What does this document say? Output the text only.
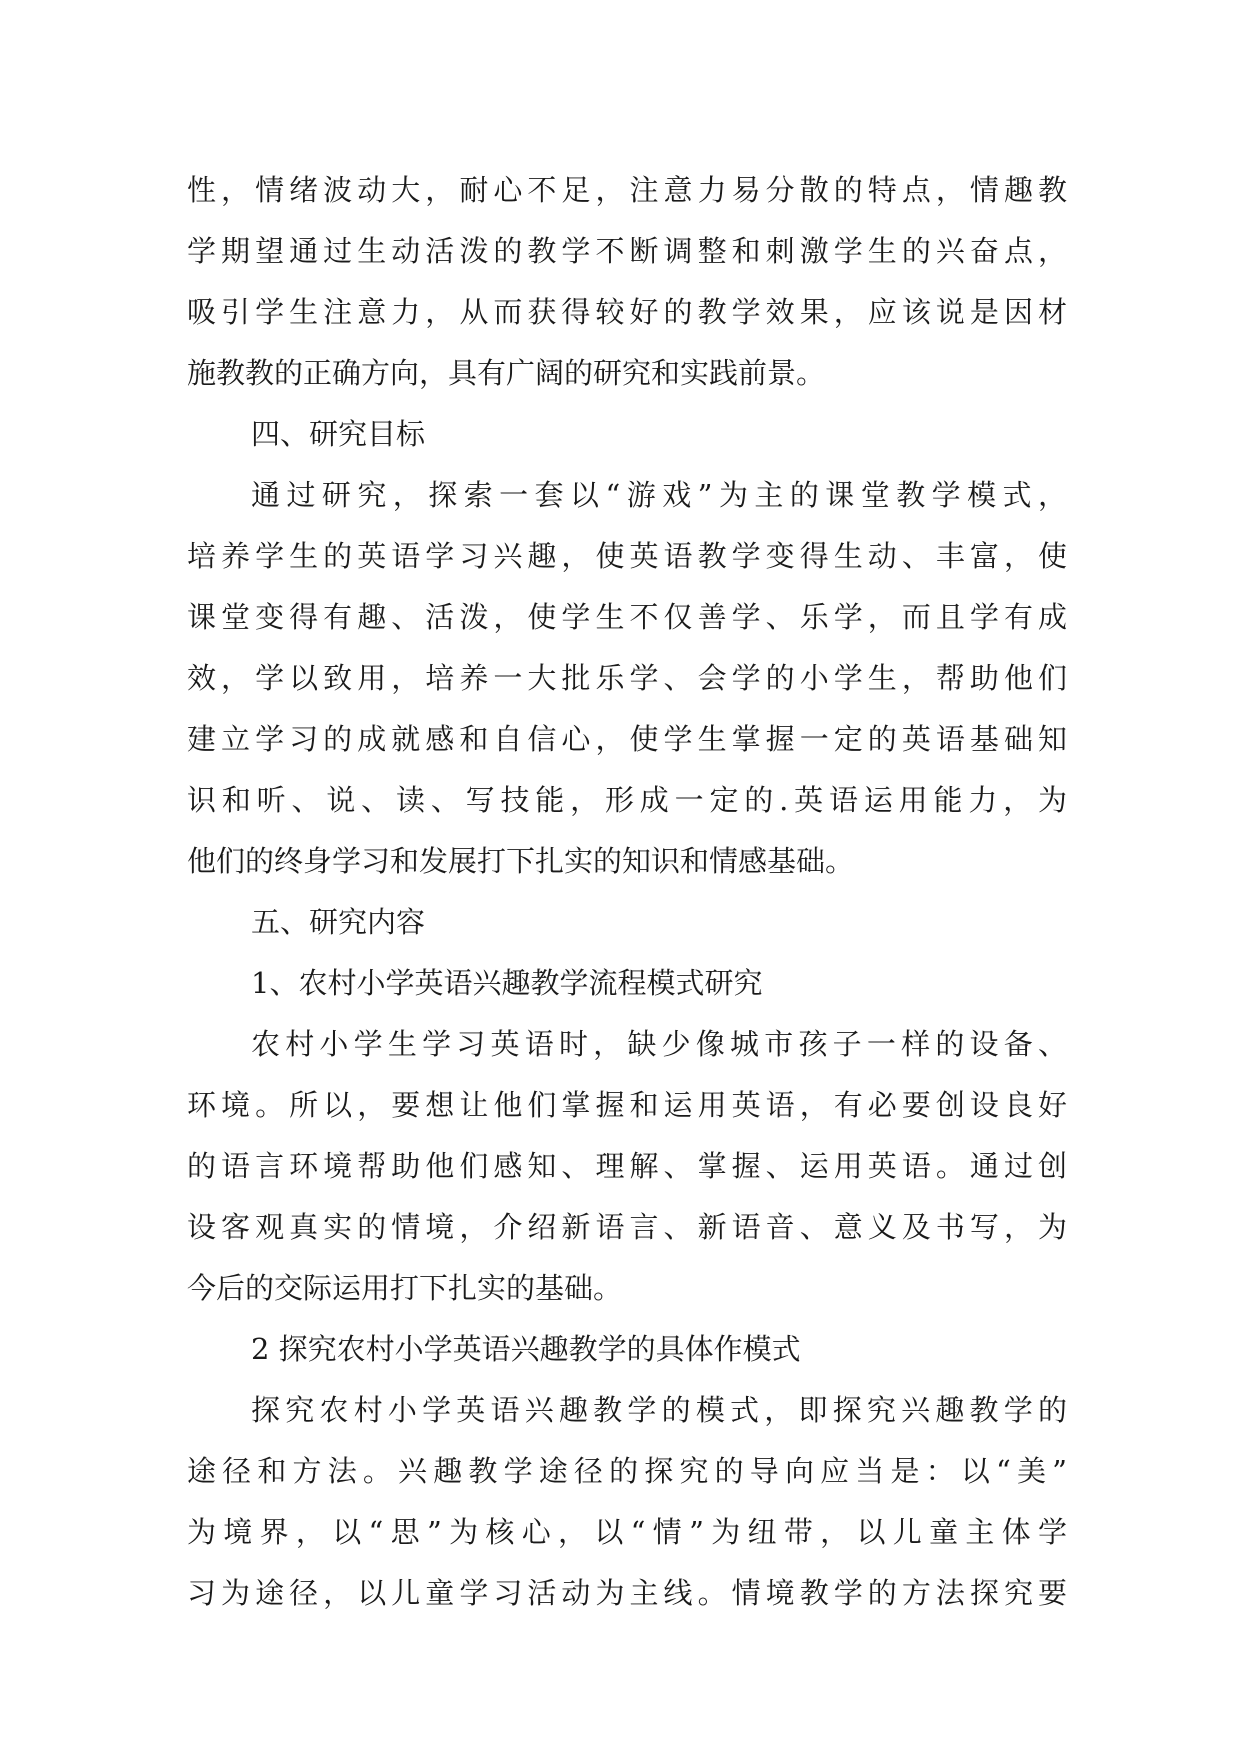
性，情绪波动大，耐心不足，注意力易分散的特点，情趣教
学期望通过生动活泼的教学不断调整和刺激学生的兴奋点，
吸引学生注意力，从而获得较好的教学效果，应该说是因材
施教教的正确方向，具有广阔的研究和实践前景。
四、研究目标
通过研究，探索一套以“游戏”为主的课堂教学模式，
培养学生的英语学习兴趣，使英语教学变得生动、丰富，使
课堂变得有趣、活泼，使学生不仅善学、乐学，而且学有成
效，学以致用，培养一大批乐学、会学的小学生，帮助他们
建立学习的成就感和自信心，使学生掌握一定的英语基础知
识和听、说、读、写技能，形成一定的.英语运用能力，为
他们的终身学习和发展打下扎实的知识和情感基础。
五、研究内容
1、农村小学英语兴趣教学流程模式研究
农村小学生学习英语时，缺少像城市孩子一样的设备、
环境。所以，要想让他们掌握和运用英语，有必要创设良好
的语言环境帮助他们感知、理解、掌握、运用英语。通过创
设客观真实的情境，介绍新语言、新语音、意义及书写，为
今后的交际运用打下扎实的基础。
2 探究农村小学英语兴趣教学的具体作模式
探究农村小学英语兴趣教学的模式，即探究兴趣教学的
途径和方法。兴趣教学途径的探究的导向应当是：以“美”
为境界，以“思”为核心，以“情”为纽带，以儿童主体学
习为途径，以儿童学习活动为主线。情境教学的方法探究要
